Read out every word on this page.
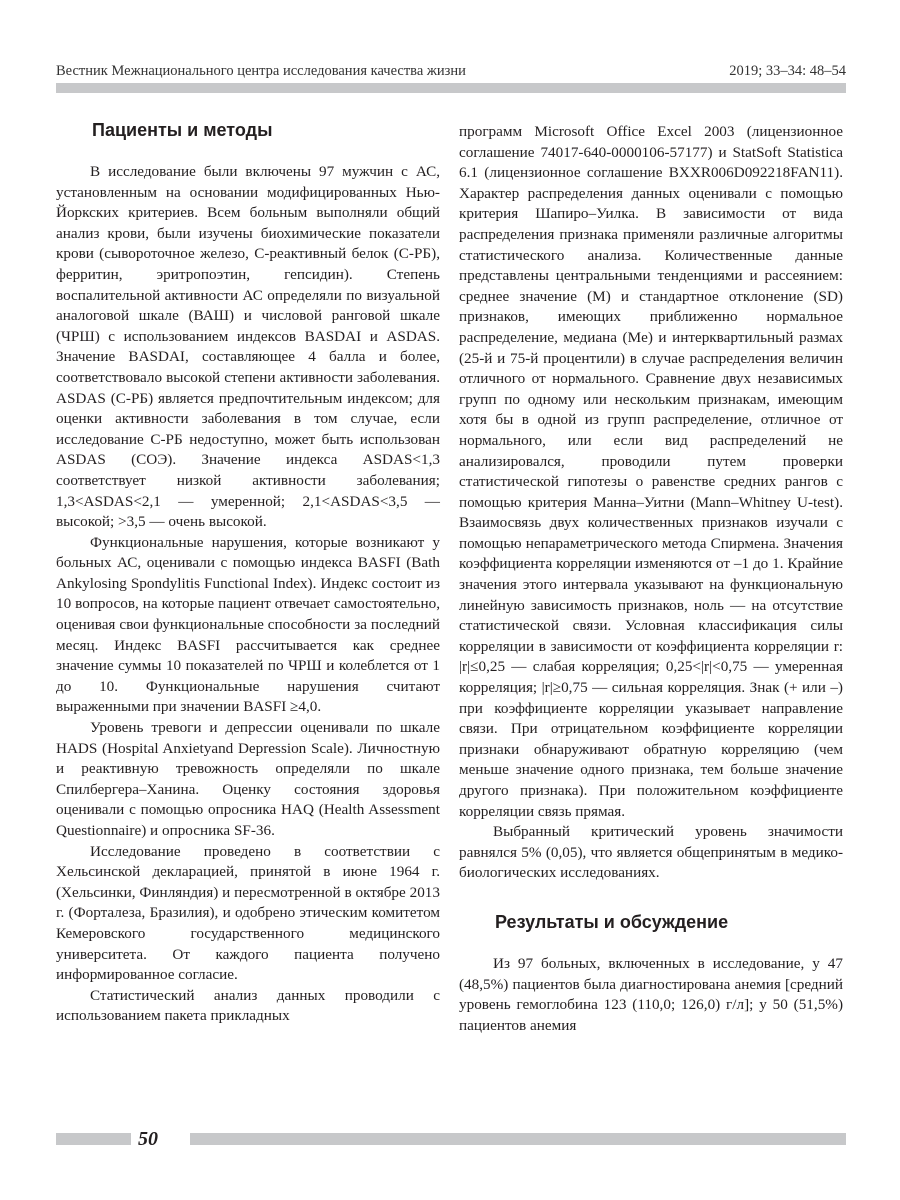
Вестник Межнационального центра исследования качества жизни	2019; 33–34: 48–54
Пациенты и методы

В исследование были включены 97 мужчин с АС, установленным на основании модифицированных Нью-Йоркских критериев. Всем больным выполняли общий анализ крови, были изучены биохимические показатели крови (сывороточное железо, С-реактивный белок (С-РБ), ферритин, эритропоэтин, гепсидин). Степень воспалительной активности АС определяли по визуальной аналоговой шкале (ВАШ) и числовой ранговой шкале (ЧРШ) с использованием индексов BASDAI и ASDAS. Значение BASDAI, составляющее 4 балла и более, соответствовало высокой степени активности заболевания. ASDAS (С-РБ) является предпочтительным индексом; для оценки активности заболевания в том случае, если исследование С-РБ недоступно, может быть использован ASDAS (СОЭ). Значение индекса ASDAS<1,3 соответствует низкой активности заболевания; 1,3<ASDAS<2,1 — умеренной; 2,1<ASDAS<3,5 — высокой; >3,5 — очень высокой.

Функциональные нарушения, которые возникают у больных АС, оценивали с помощью индекса BASFI (Bath Ankylosing Spondylitis Functional Index). Индекс состоит из 10 вопросов, на которые пациент отвечает самостоятельно, оценивая свои функциональные способности за последний месяц. Индекс BASFI рассчитывается как среднее значение суммы 10 показателей по ЧРШ и колеблется от 1 до 10. Функциональные нарушения считают выраженными при значении BASFI ≥4,0.

Уровень тревоги и депрессии оценивали по шкале HADS (Hospital Anxietyand Depression Scale). Личностную и реактивную тревожность определяли по шкале Спилбергера–Ханина. Оценку состояния здоровья оценивали с помощью опросника HAQ (Health Assessment Questionnaire) и опросника SF-36.

Исследование проведено в соответствии с Хельсинской декларацией, принятой в июне 1964 г. (Хельсинки, Финляндия) и пересмотренной в октябре 2013 г. (Форталеза, Бразилия), и одобрено этическим комитетом Кемеровского государственного медицинского университета. От каждого пациента получено информированное согласие.

Статистический анализ данных проводили с использованием пакета прикладных

программ Microsoft Office Excel 2003 (лицензионное соглашение 74017-640-0000106-57177) и StatSoft Statistica 6.1 (лицензионное соглашение BXXR006D092218FAN11). Характер распределения данных оценивали с помощью критерия Шапиро–Уилка. В зависимости от вида распределения признака применяли различные алгоритмы статистического анализа. Количественные данные представлены центральными тенденциями и рассеянием: среднее значение (M) и стандартное отклонение (SD) признаков, имеющих приближенно нормальное распределение, медиана (Me) и интерквартильный размах (25-й и 75-й процентили) в случае распределения величин отличного от нормального. Сравнение двух независимых групп по одному или нескольким признакам, имеющим хотя бы в одной из групп распределение, отличное от нормального, или если вид распределений не анализировался, проводили путем проверки статистической гипотезы о равенстве средних рангов с помощью критерия Манна–Уитни (Mann–Whitney U-test). Взаимосвязь двух количественных признаков изучали с помощью непараметрического метода Спирмена. Значения коэффициента корреляции изменяются от –1 до 1. Крайние значения этого интервала указывают на функциональную линейную зависимость признаков, ноль — на отсутствие статистической связи. Условная классификация силы корреляции в зависимости от коэффициента корреляции r: |r|≤0,25 — слабая корреляция; 0,25<|r|<0,75 — умеренная корреляция; |r|≥0,75 — сильная корреляция. Знак (+ или –) при коэффициенте корреляции указывает направление связи. При отрицательном коэффициенте корреляции признаки обнаруживают обратную корреляцию (чем меньше значение одного признака, тем больше значение другого признака). При положительном коэффициенте корреляции связь прямая.

Выбранный критический уровень значимости равнялся 5% (0,05), что является общепринятым в медико-биологических исследованиях.

Результаты и обсуждение

Из 97 больных, включенных в исследование, у 47 (48,5%) пациентов была диагностирована анемия [средний уровень гемоглобина 123 (110,0; 126,0) г/л]; у 50 (51,5%) пациентов анемия

50
